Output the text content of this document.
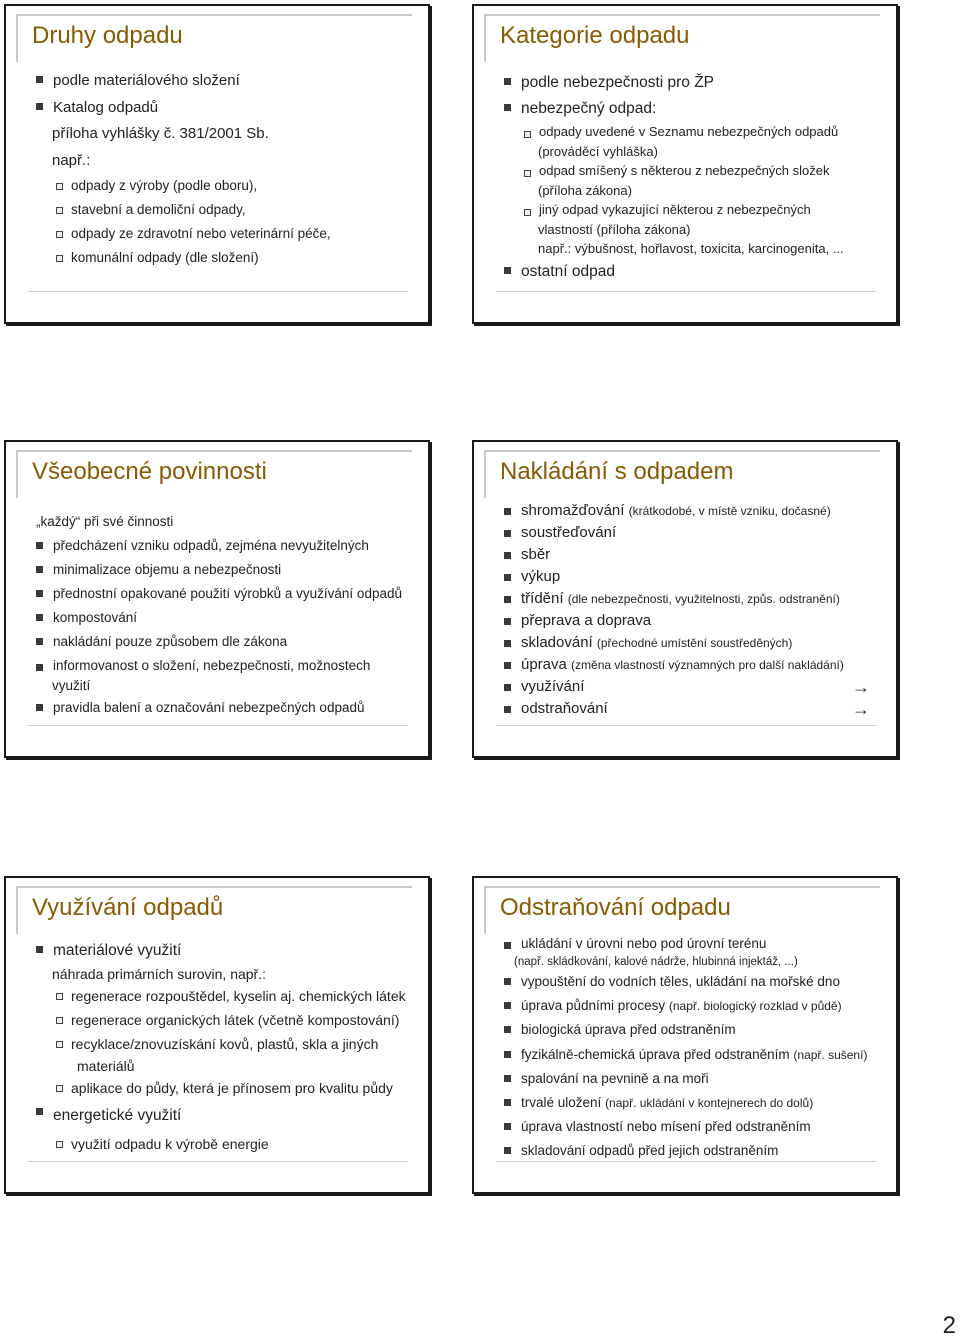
Druhy odpadu
podle materiálového složení
Katalog odpadů
příloha vyhlášky č. 381/2001 Sb.
např.:
odpady z výroby (podle oboru),
stavební a demoliční odpady,
odpady ze zdravotní nebo veterinární péče,
komunální odpady (dle složení)
Kategorie odpadu
podle nebezpečnosti pro ŽP
nebezpečný odpad:
odpady uvedené v Seznamu nebezpečných odpadů
(prováděcí vyhláška)
odpad smíšený s některou z nebezpečných složek
(příloha zákona)
jiný odpad vykazující některou z nebezpečných
vlastností (příloha zákona)
např.: výbušnost, hořlavost, toxicita, karcinogenita, ...
ostatní odpad
Všeobecné povinnosti
„každý“ při své činnosti
předcházení vzniku odpadů, zejména nevyužitelných
minimalizace objemu a nebezpečnosti
přednostní opakované použití výrobků a využívání odpadů
kompostování
nakládání pouze způsobem dle zákona
informovanost o složení, nebezpečnosti, možnostech
využití
pravidla balení a označování nebezpečných odpadů
Nakládání s odpadem
shromažďování (krátkodobé, v místě vzniku, dočasné)
soustřeďování
sběr
výkup
třídění (dle nebezpečnosti, využitelnosti, způs. odstranění)
přeprava a doprava
skladování (přechodné umístění soustředěných)
úprava (změna vlastností významných pro další nakládání)
využívání	→
odstraňování	→
Využívání odpadů
materiálové využití
náhrada primárních surovin, např.:
regenerace rozpouštědel, kyselin aj. chemických látek
regenerace organických látek (včetně kompostování)
recyklace/znovuzískání kovů, plastů, skla a jiných
materiálů
aplikace do půdy, která je přínosem pro kvalitu půdy
energetické využití
využití odpadu k výrobě energie
Odstraňování odpadu
ukládání v úrovni nebo pod úrovní terénu
(např. skládkování, kalové nádrže, hlubinná injektáž, ...)
vypouštění do vodních těles, ukládání na mořské dno
úprava půdními procesy (např. biologický rozklad v půdě)
biologická úprava před odstraněním
fyzikálně-chemická úprava před odstraněním (např. sušení)
spalování na pevnině a na moři
trvalé uložení (např. ukládání v kontejnerech do dolů)
úprava vlastností nebo mísení před odstraněním
skladování odpadů před jejich odstraněním
2
